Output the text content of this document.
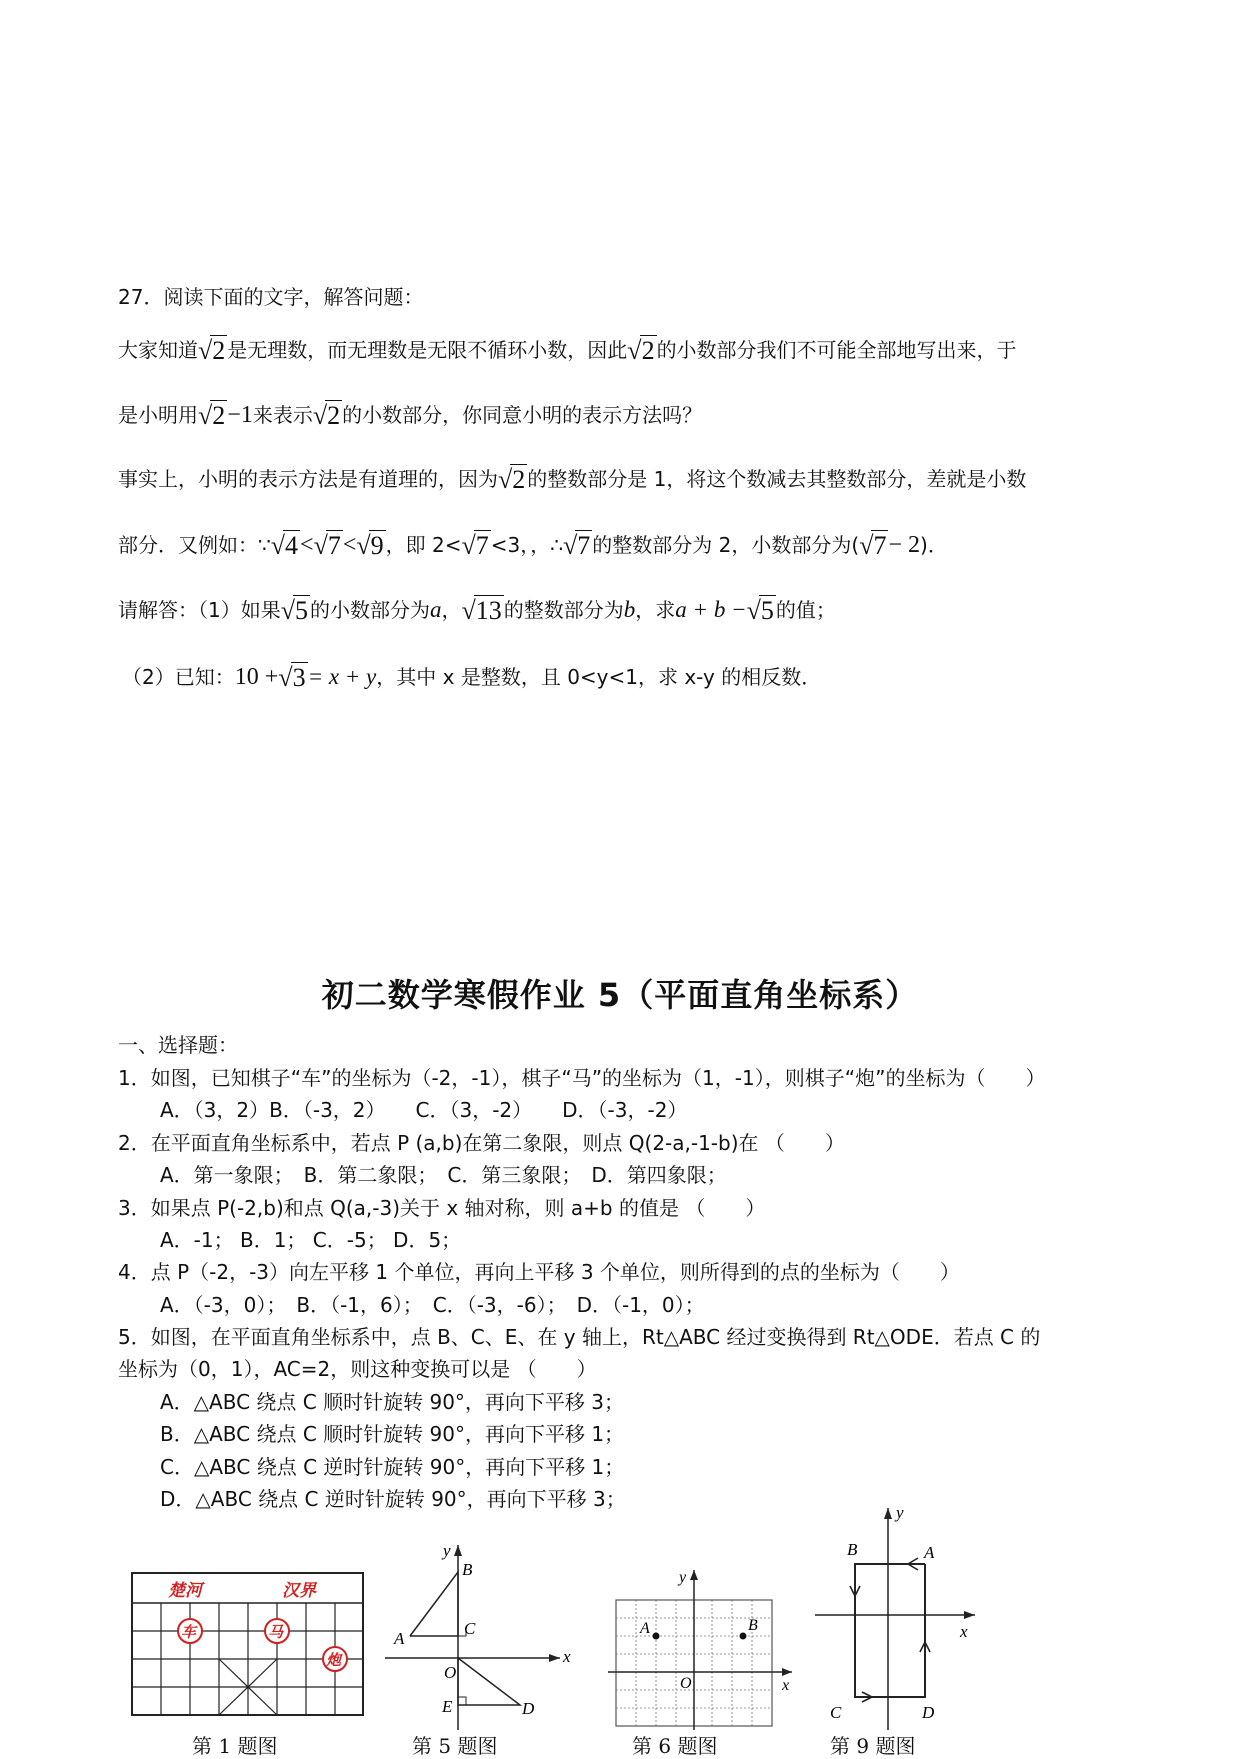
27．阅读下面的文字，解答问题：
大家知道√2 是无理数，而无理数是无限不循环小数，因此√2 的小数部分我们不可能全部地写出来，于
是小明用√2−1来表示√2 的小数部分，你同意小明的表示方法吗？
事实上，小明的表示方法是有道理的，因为√2 的整数部分是 1，将这个数减去其整数部分，差就是小数
部分．又例如：∵√4<√7<√9 ，即 2<√7 <3，，∴√7 的整数部分为 2，小数部分为(√7− 2)．
请解答：（1）如果√5 的小数部分为a，√13 的整数部分为b，求a + b −√5 的值；
（2）已知：10 +√3= x + y，其中 x 是整数，且 0<y<1，求 x-y 的相反数．
初二数学寒假作业 5（平面直角坐标系）
一、选择题：
1．如图，已知棋子“车”的坐标为（-2，-1），棋子“马”的坐标为（1，-1），则棋子“炮”的坐标为（　　）
A．（3，2）B．（-3，2）　　C．（3，-2）　　D．（-3，-2）
2．在平面直角坐标系中，若点 P (a,b)在第二象限，则点 Q(2-a,-1-b)在 （　　）
A．第一象限；　B．第二象限；　C．第三象限；　D．第四象限；
3．如果点 P(-2,b)和点 Q(a,-3)关于 x 轴对称，则 a+b 的值是 （　　）
A．-1； B．1； C．-5； D．5；
4．点 P（-2，-3）向左平移 1 个单位，再向上平移 3 个单位，则所得到的点的坐标为（　　）
A．（-3，0）；　B．（-1，6）；　C．（-3，-6）；　D．（-1，0）；
5．如图，在平面直角坐标系中，点 B、C、E、在 y 轴上，Rt△ABC 经过变换得到 Rt△ODE．若点 C 的
坐标为（0，1），AC=2，则这种变换可以是 （　　）
A．△ABC 绕点 C 顺时针旋转 90°，再向下平移 3；
B．△ABC 绕点 C 顺时针旋转 90°，再向下平移 1；
C．△ABC 绕点 C 逆时针旋转 90°，再向下平移 1；
D．△ABC 绕点 C 逆时针旋转 90°，再向下平移 3；
楚河	汉界
车	马
炮
第 1 题图
y
B
A
C
O
E	D
x
第 5 题图
y
A	B
O	x
第 6 题图
y
B	A
x
C	D
第 9 题图
